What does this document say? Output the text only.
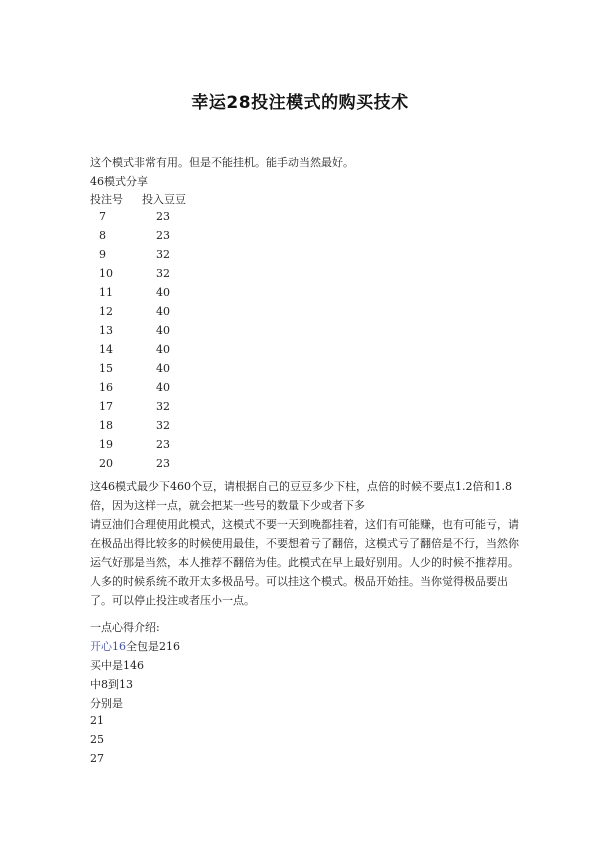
幸运28投注模式的购买技术
这个模式非常有用。但是不能挂机。能手动当然最好。
46模式分享
投注号 投入豆豆
7	23
8	23
9	32
10	32
11	40
12	40
13	40
14	40
15	40
16	40
17	32
18	32
19	23
20	23
这46模式最少下460个豆，请根据自己的豆豆多少下柱，点倍的时候不要点1.2倍和1.8倍，因为这样一点，就会把某一些号的数量下少或者下多
请豆油们合理使用此模式，这模式不要一天到晚都挂着，这们有可能赚，也有可能亏，请在极品出得比较多的时候使用最佳，不要想着亏了翻倍，这模式亏了翻倍是不行，当然你运气好那是当然，本人推荐不翻倍为佳。此模式在早上最好别用。人少的时候不推荐用。人多的时候系统不敢开太多极品号。可以挂这个模式。极品开始挂。当你觉得极品要出了。可以停止投注或者压小一点。
一点心得介绍:
开心16全包是216
买中是146
中8到13
分别是
21
25
27
